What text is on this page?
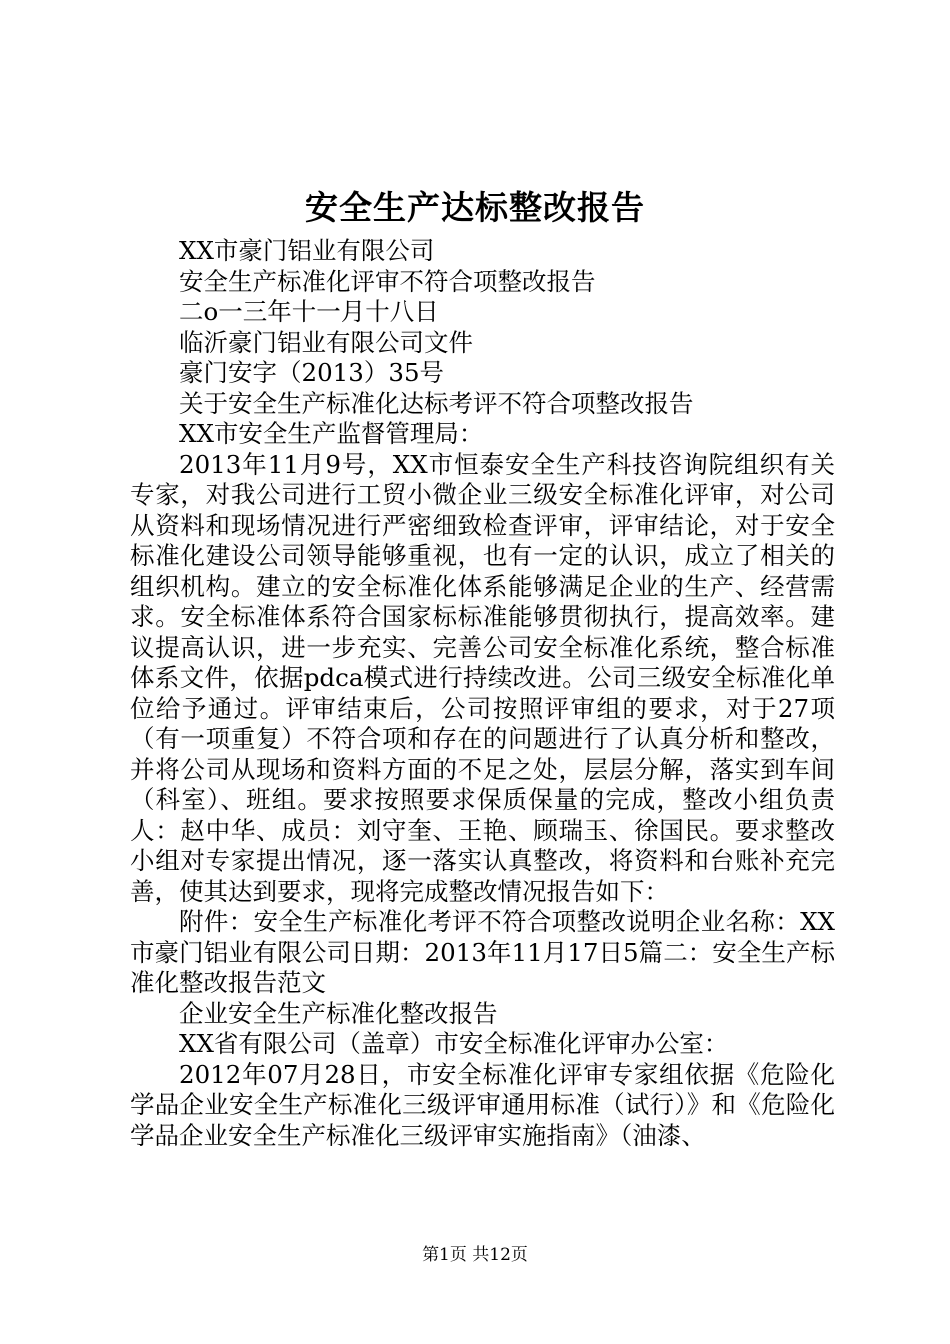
安全生产达标整改报告
XX市豪门铝业有限公司
安全生产标准化评审不符合项整改报告
二o一三年十一月十八日
临沂豪门铝业有限公司文件
豪门安字（2013）35号
关于安全生产标准化达标考评不符合项整改报告
XX市安全生产监督管理局：
2013年11月9号，XX市恒泰安全生产科技咨询院组织有关专家，对我公司进行工贸小微企业三级安全标准化评审，对公司从资料和现场情况进行严密细致检查评审，评审结论，对于安全标准化建设公司领导能够重视，也有一定的认识，成立了相关的组织机构。建立的安全标准化体系能够满足企业的生产、经营需求。安全标准体系符合国家标标准能够贯彻执行，提高效率。建议提高认识，进一步充实、完善公司安全标准化系统，整合标准体系文件，依据pdca模式进行持续改进。公司三级安全标准化单位给予通过。评审结束后，公司按照评审组的要求，对于27项（有一项重复）不符合项和存在的问题进行了认真分析和整改，并将公司从现场和资料方面的不足之处，层层分解，落实到车间（科室）、班组。要求按照要求保质保量的完成，整改小组负责人：赵中华、成员：刘守奎、王艳、顾瑞玉、徐国民。要求整改小组对专家提出情况，逐一落实认真整改，将资料和台账补充完善，使其达到要求，现将完成整改情况报告如下：
附件：安全生产标准化考评不符合项整改说明企业名称：XX市豪门铝业有限公司日期：2013年11月17日5篇二：安全生产标准化整改报告范文
企业安全生产标准化整改报告
XX省有限公司（盖章）市安全标准化评审办公室：
2012年07月28日，市安全标准化评审专家组依据《危险化学品企业安全生产标准化三级评审通用标准（试行）》和《危险化学品企业安全生产标准化三级评审实施指南》（油漆、
第1页 共12页
